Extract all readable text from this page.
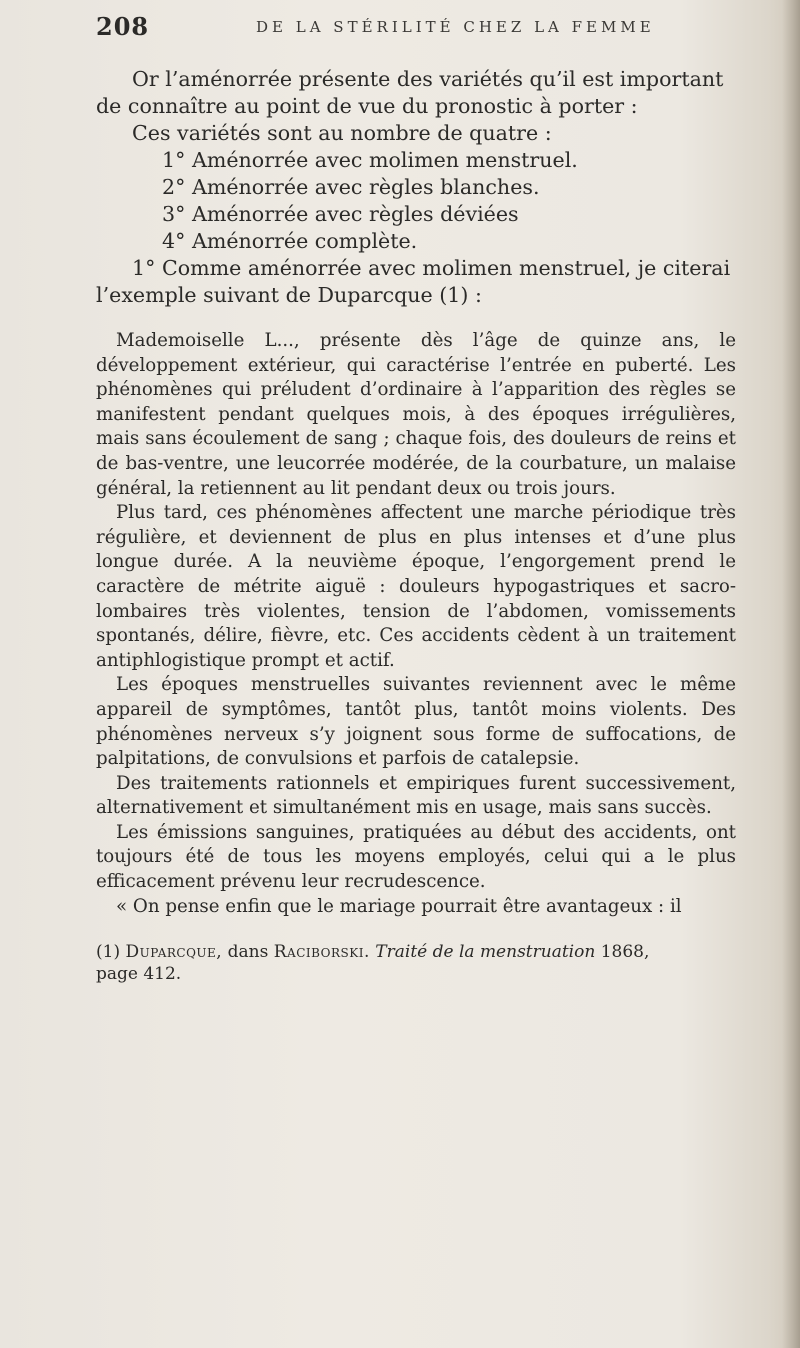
208	DE LA STÉRILITÉ CHEZ LA FEMME

Or l’aménorrée présente des variétés qu’il est important de connaître au point de vue du pronostic à porter :

Ces variétés sont au nombre de quatre :

1° Aménorrée avec molimen menstruel.
2° Aménorrée avec règles blanches.
3° Aménorrée avec règles déviées
4° Aménorrée complète.

1° Comme aménorrée avec molimen menstruel, je citerai l’exemple suivant de Duparcque (1) :

Mademoiselle L..., présente dès l’âge de quinze ans, le développement extérieur, qui caractérise l’entrée en puberté. Les phénomènes qui préludent d’ordinaire à l’apparition des règles se manifestent pendant quelques mois, à des époques irrégulières, mais sans écoulement de sang ; chaque fois, des douleurs de reins et de bas-ventre, une leucorrée modérée, de la courbature, un malaise général, la retiennent au lit pendant deux ou trois jours.

Plus tard, ces phénomènes affectent une marche périodique très régulière, et deviennent de plus en plus intenses et d’une plus longue durée. A la neuvième époque, l’engorgement prend le caractère de métrite aiguë : douleurs hypogastriques et sacro-lombaires très violentes, tension de l’abdomen, vomissements spontanés, délire, fièvre, etc. Ces accidents cèdent à un traitement antiphlogistique prompt et actif.

Les époques menstruelles suivantes reviennent avec le même appareil de symptômes, tantôt plus, tantôt moins violents. Des phénomènes nerveux s’y joignent sous forme de suffocations, de palpitations, de convulsions et parfois de catalepsie.

Des traitements rationnels et empiriques furent successivement, alternativement et simultanément mis en usage, mais sans succès.

Les émissions sanguines, pratiquées au début des accidents, ont toujours été de tous les moyens employés, celui qui a le plus efficacement prévenu leur recrudescence.

« On pense enfin que le mariage pourrait être avantageux : il

(1) Duparcque, dans Raciborski. Traité de la menstruation 1868,

page 412.
